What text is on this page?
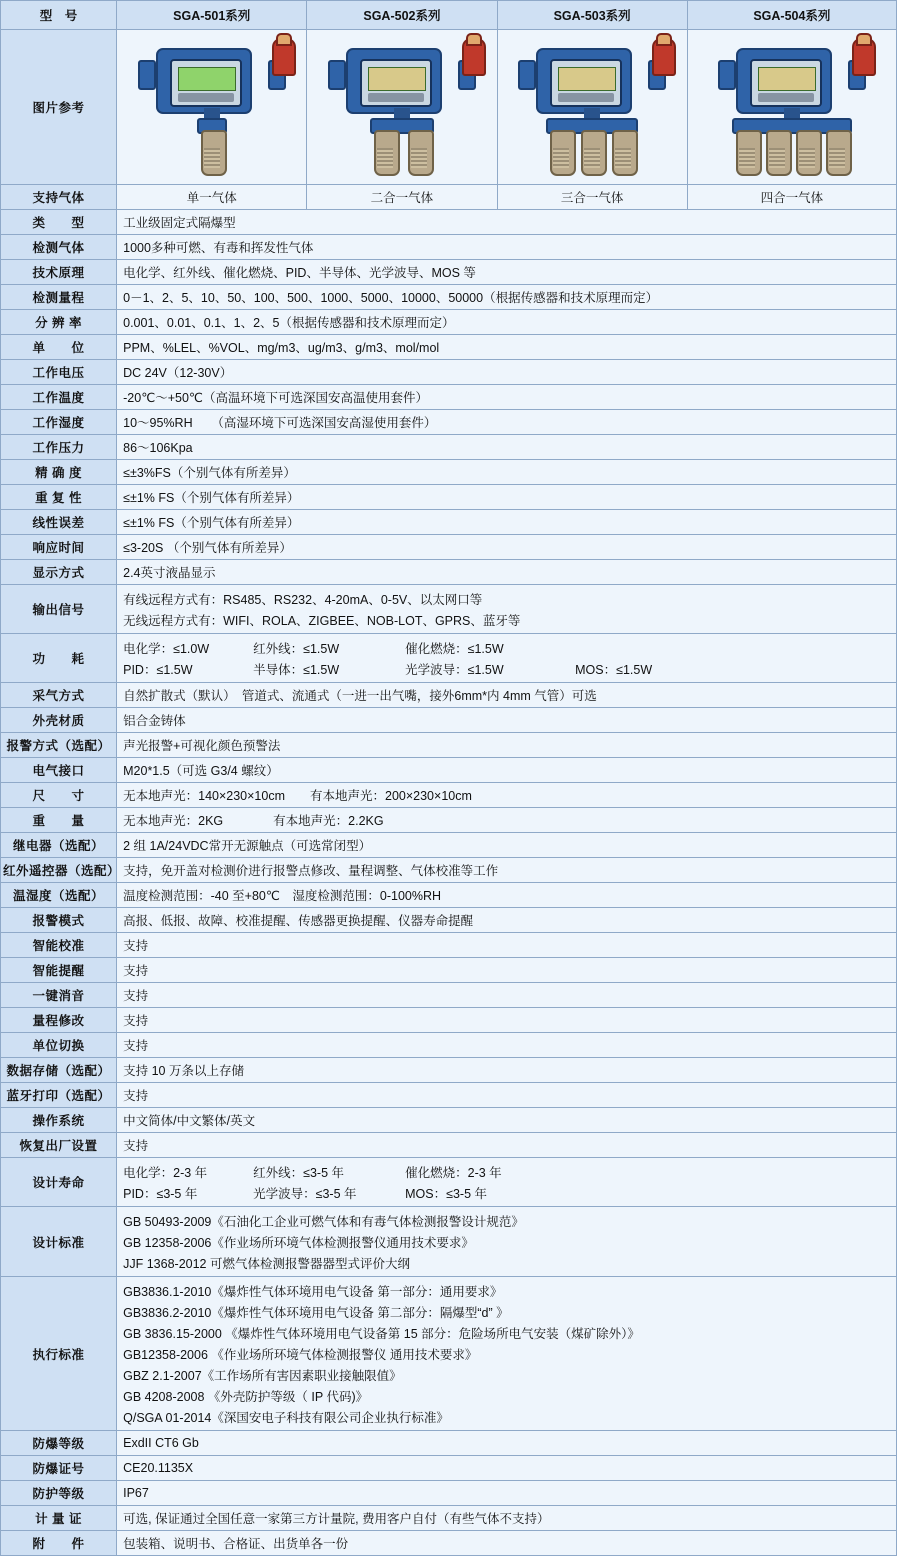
型　号	SGA-501系列	SGA-502系列	SGA-503系列	SGA-504系列
图片参考	

支持气体	单一气体	二合一气体	三合一气体	四合一气体
类　　型	工业级固定式隔爆型			
检测气体	1000多种可燃、有毒和挥发性气体			
技术原理	电化学、红外线、催化燃烧、PID、半导体、光学波导、MOS 等			
检测量程	0－1、2、5、10、50、100、500、1000、5000、10000、50000（根据传感器和技术原理而定）			
分 辨 率	0.001、0.01、0.1、1、2、5（根据传感器和技术原理而定）			
单　　位	PPM、%LEL、%VOL、mg/m3、ug/m3、g/m3、mol/mol			
工作电压	DC 24V（12-30V）			
工作温度	-20℃～+50℃（高温环境下可选深国安高温使用套件）			
工作湿度	10～95%RH　　（高湿环境下可选深国安高湿使用套件）			
工作压力	86～106Kpa			
精 确 度	≤±3%FS（个别气体有所差异）			
重 复 性	≤±1% FS（个别气体有所差异）			
线性误差	≤±1% FS（个别气体有所差异）			
响应时间	≤3-20S （个别气体有所差异）			
显示方式	2.4英寸液晶显示			
输出信号	有线远程方式有：RS485、RS232、4-20mA、0-5V、以太网口等
无线远程方式有：WIFI、ROLA、ZIGBEE、NOB-LOT、GPRS、蓝牙等			

功　　耗	
电化学：≤1.0W	红外线：≤1.5W	催化燃烧：≤1.5W
PID：≤1.5W	半导体：≤1.5W	光学波导：≤1.5W	MOS：≤1.5W

采气方式	自然扩散式（默认）　管道式、流通式（一进一出气嘴，接外6mm*内 4mm 气管）可选			
外壳材质	铝合金铸体			
报警方式（选配）	声光报警+可视化颜色预警法			
电气接口	M20*1.5（可选 G3/4 螺纹）			
尺　　寸	无本地声光：140×230×10cm　　有本地声光：200×230×10cm			
重　　量	无本地声光：2KG　　　　有本地声光：2.2KG			
继电器（选配）	2 组 1A/24VDC常开无源触点（可选常闭型）			
红外遥控器（选配）	支持，免开盖对检测价进行报警点修改、量程调整、气体校准等工作			
温湿度（选配）	温度检测范围：-40 至+80℃　湿度检测范围：0-100%RH			
报警模式	高报、低报、故障、校准提醒、传感器更换提醒、仪器寿命提醒			
智能校准	支持			
智能提醒	支持			
一键消音	支持			
量程修改	支持			
单位切换	支持			
数据存储（选配）	支持 10 万条以上存储			
蓝牙打印（选配）	支持			
操作系统	中文简体/中文繁体/英文			
恢复出厂设置	支持			
设计寿命	
电化学：2-3 年	红外线：≤3-5 年	催化燃烧：2-3 年
PID：≤3-5 年	光学波导：≤3-5 年	MOS：≤3-5 年

设计标准	GB 50493-2009《石油化工企业可燃气体和有毒气体检测报警设计规范》
GB 12358-2006《作业场所环境气体检测报警仪通用技术要求》
JJF 1368-2012 可燃气体检测报警器器型式评价大纲			

执行标准	
GB3836.1-2010《爆炸性气体环境用电气设备 第一部分：通用要求》
GB3836.2-2010《爆炸性气体环境用电气设备 第二部分：隔爆型“d” 》
GB 3836.15-2000 《爆炸性气体环境用电气设备第 15 部分：危险场所电气安装（煤矿除外）》
GB12358-2006 《作业场所环境气体检测报警仪 通用技术要求》
GBZ 2.1-2007《工作场所有害因素职业接触限值》
GB 4208-2008 《外壳防护等级（ IP 代码)》
Q/SGA 01-2014《深国安电子科技有限公司企业执行标准》

防爆等级	ExdII CT6 Gb			
防爆证号	CE20.1135X			
防护等级	IP67			
计 量 证	可选, 保证通过全国任意一家第三方计量院, 费用客户自付（有些气体不支持）			
附　　件	包装箱、说明书、合格证、出货单各一份			
